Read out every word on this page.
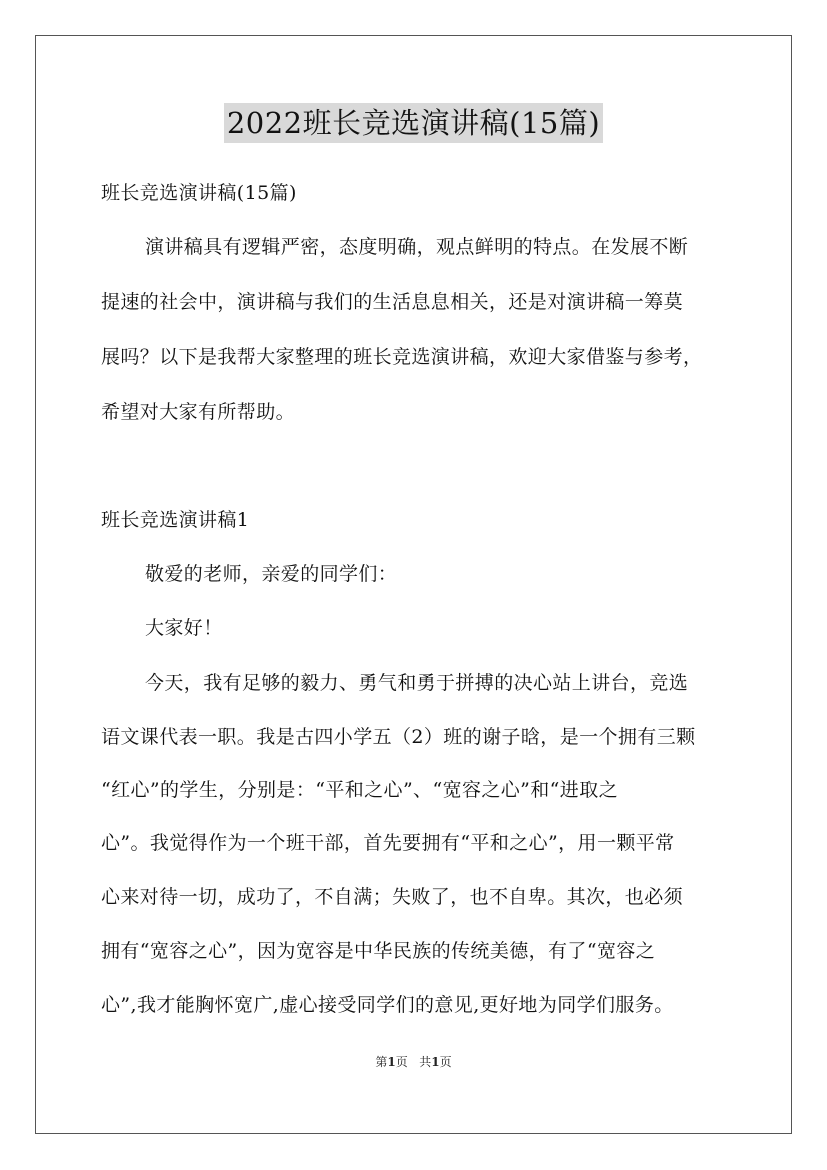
2022班长竞选演讲稿(15篇)
班长竞选演讲稿(15篇)
演讲稿具有逻辑严密，态度明确，观点鲜明的特点。在发展不断
提速的社会中，演讲稿与我们的生活息息相关，还是对演讲稿一筹莫
展吗？以下是我帮大家整理的班长竞选演讲稿，欢迎大家借鉴与参考，
希望对大家有所帮助。
班长竞选演讲稿1
敬爱的老师，亲爱的同学们：
大家好！
今天，我有足够的毅力、勇气和勇于拼搏的决心站上讲台，竞选
语文课代表一职。我是古四小学五（2）班的谢子晗，是一个拥有三颗
“红心”的学生，分别是：“平和之心”、“宽容之心”和“进取之
心”。我觉得作为一个班干部，首先要拥有“平和之心”，用一颗平常
心来对待一切，成功了，不自满；失败了，也不自卑。其次，也必须
拥有“宽容之心”，因为宽容是中华民族的传统美德，有了“宽容之
心”,我才能胸怀宽广,虚心接受同学们的意见,更好地为同学们服务。
第1页 共1页
